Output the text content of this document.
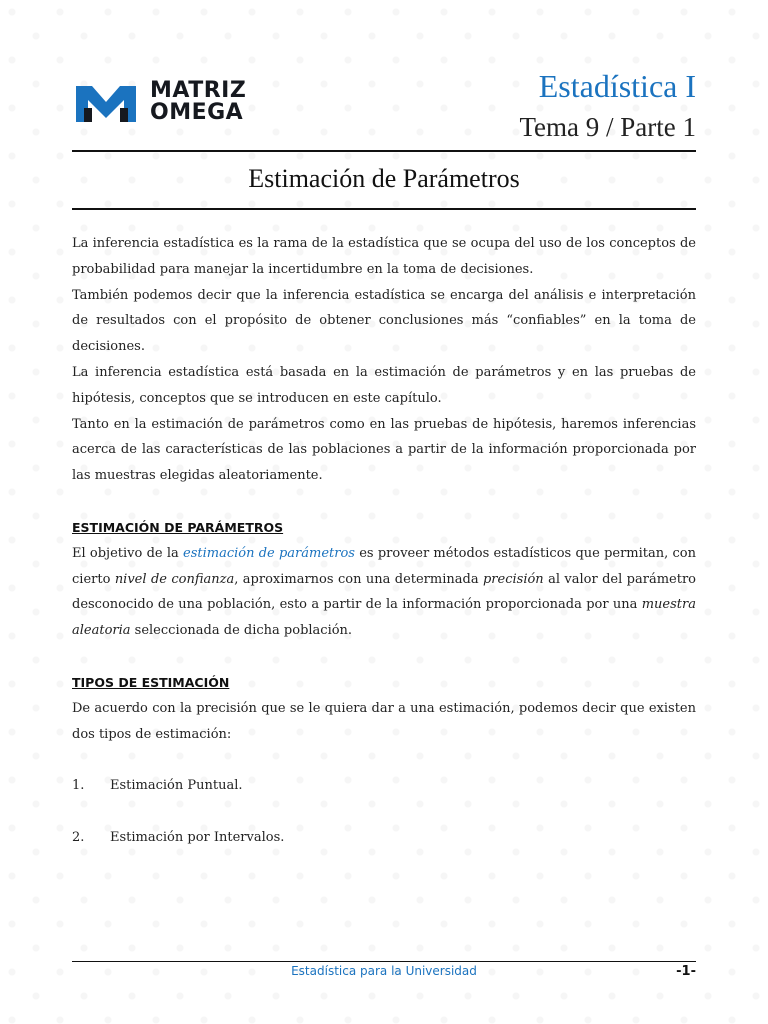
MATRIZ
OMEGA
Estadística I
Tema 9 / Parte 1
Estimación de Parámetros

La inferencia estadística es la rama de la estadística que se ocupa del uso de los conceptos de probabilidad para manejar la incertidumbre en la toma de decisiones.

También podemos decir que la inferencia estadística se encarga del análisis e interpretación de resultados con el propósito de obtener conclusiones más “confiables” en la toma de decisiones.

La inferencia estadística está basada en la estimación de parámetros y en las pruebas de hipótesis, conceptos que se introducen en este capítulo.

Tanto en la estimación de parámetros como en las pruebas de hipótesis, haremos inferencias acerca de las características de las poblaciones a partir de la información proporcionada por las muestras elegidas aleatoriamente.

ESTIMACIÓN DE PARÁMETROS

El objetivo de la estimación de parámetros es proveer métodos estadísticos que permitan, con cierto nivel de confianza, aproximarnos con una determinada precisión al valor del parámetro desconocido de una población, esto a partir de la información proporcionada por una muestra aleatoria seleccionada de dicha población.

TIPOS DE ESTIMACIÓN

De acuerdo con la precisión que se le quiera dar a una estimación, podemos decir que existen dos tipos de estimación:

1.	Estimación Puntual.

2.	Estimación por Intervalos.

Estadística para la Universidad	-1-
